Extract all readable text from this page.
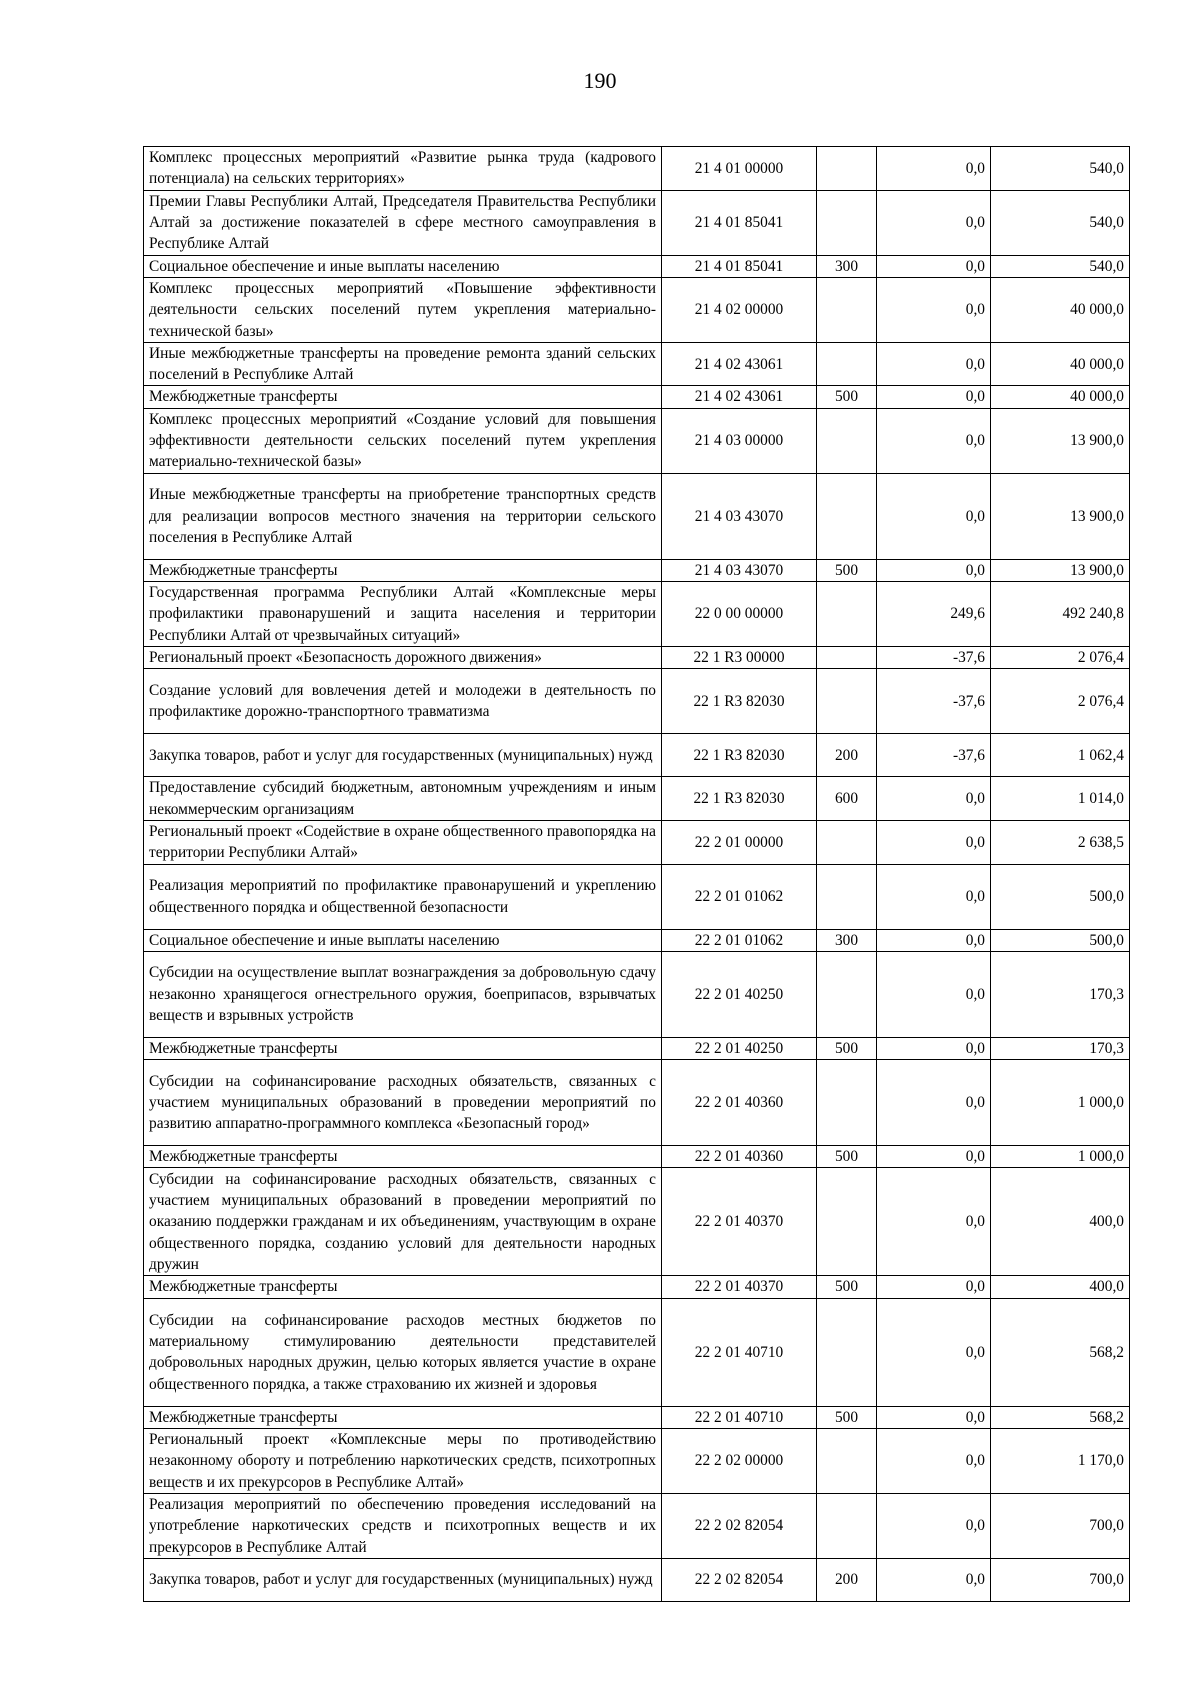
190
Комплекс процессных мероприятий «Развитие рынка труда (кадрового потенциала) на сельских территориях»	21 4 01 00000		0,0	540,0
Премии Главы Республики Алтай, Председателя Правительства Республики Алтай за достижение показателей в сфере местного самоуправления в Республике Алтай	21 4 01 85041		0,0	540,0
Социальное обеспечение и иные выплаты населению	21 4 01 85041	300	0,0	540,0
Комплекс процессных мероприятий «Повышение эффективности деятельности сельских поселений путем укрепления материально-технической базы»	21 4 02 00000		0,0	40 000,0
Иные межбюджетные трансферты на проведение ремонта зданий сельских поселений в Республике Алтай	21 4 02 43061		0,0	40 000,0
Межбюджетные трансферты	21 4 02 43061	500	0,0	40 000,0
Комплекс процессных мероприятий «Создание условий для повышения эффективности деятельности сельских поселений путем укрепления материально-технической базы»	21 4 03 00000		0,0	13 900,0
Иные межбюджетные трансферты на приобретение транспортных средств для реализации вопросов местного значения на территории сельского поселения в Республике Алтай	21 4 03 43070		0,0	13 900,0
Межбюджетные трансферты	21 4 03 43070	500	0,0	13 900,0
Государственная программа Республики Алтай «Комплексные меры профилактики правонарушений и защита населения и территории Республики Алтай от чрезвычайных ситуаций»	22 0 00 00000		249,6	492 240,8
Региональный проект «Безопасность дорожного движения»	22 1 R3 00000		-37,6	2 076,4
Создание условий для вовлечения детей и молодежи в деятельность по профилактике дорожно-транспортного травматизма	22 1 R3 82030		-37,6	2 076,4
Закупка товаров, работ и услуг для государственных (муниципальных) нужд	22 1 R3 82030	200	-37,6	1 062,4
Предоставление субсидий бюджетным, автономным учреждениям и иным некоммерческим организациям	22 1 R3 82030	600	0,0	1 014,0
Региональный проект «Содействие в охране общественного правопорядка на территории Республики Алтай»	22 2 01 00000		0,0	2 638,5
Реализация мероприятий по профилактике правонарушений и укреплению общественного порядка и общественной безопасности	22 2 01 01062		0,0	500,0
Социальное обеспечение и иные выплаты населению	22 2 01 01062	300	0,0	500,0
Субсидии на осуществление выплат вознаграждения за добровольную сдачу незаконно хранящегося огнестрельного оружия, боеприпасов, взрывчатых веществ и взрывных устройств	22 2 01 40250		0,0	170,3
Межбюджетные трансферты	22 2 01 40250	500	0,0	170,3
Субсидии на софинансирование расходных обязательств, связанных с участием муниципальных образований в проведении мероприятий по развитию аппаратно-программного комплекса «Безопасный город»	22 2 01 40360		0,0	1 000,0
Межбюджетные трансферты	22 2 01 40360	500	0,0	1 000,0
Субсидии на софинансирование расходных обязательств, связанных с участием муниципальных образований в проведении мероприятий по оказанию поддержки гражданам и их объединениям, участвующим в охране общественного порядка, созданию условий для деятельности народных дружин	22 2 01 40370		0,0	400,0
Межбюджетные трансферты	22 2 01 40370	500	0,0	400,0
Субсидии на софинансирование расходов местных бюджетов по материальному стимулированию деятельности представителей добровольных народных дружин, целью которых является участие в охране общественного порядка, а также страхованию их жизней и здоровья	22 2 01 40710		0,0	568,2
Межбюджетные трансферты	22 2 01 40710	500	0,0	568,2
Региональный проект «Комплексные меры по противодействию незаконному обороту и потреблению наркотических средств, психотропных веществ и их прекурсоров в Республике Алтай»	22 2 02 00000		0,0	1 170,0
Реализация мероприятий по обеспечению проведения исследований на употребление наркотических средств и психотропных веществ и их прекурсоров в Республике Алтай	22 2 02 82054		0,0	700,0
Закупка товаров, работ и услуг для государственных (муниципальных) нужд	22 2 02 82054	200	0,0	700,0
